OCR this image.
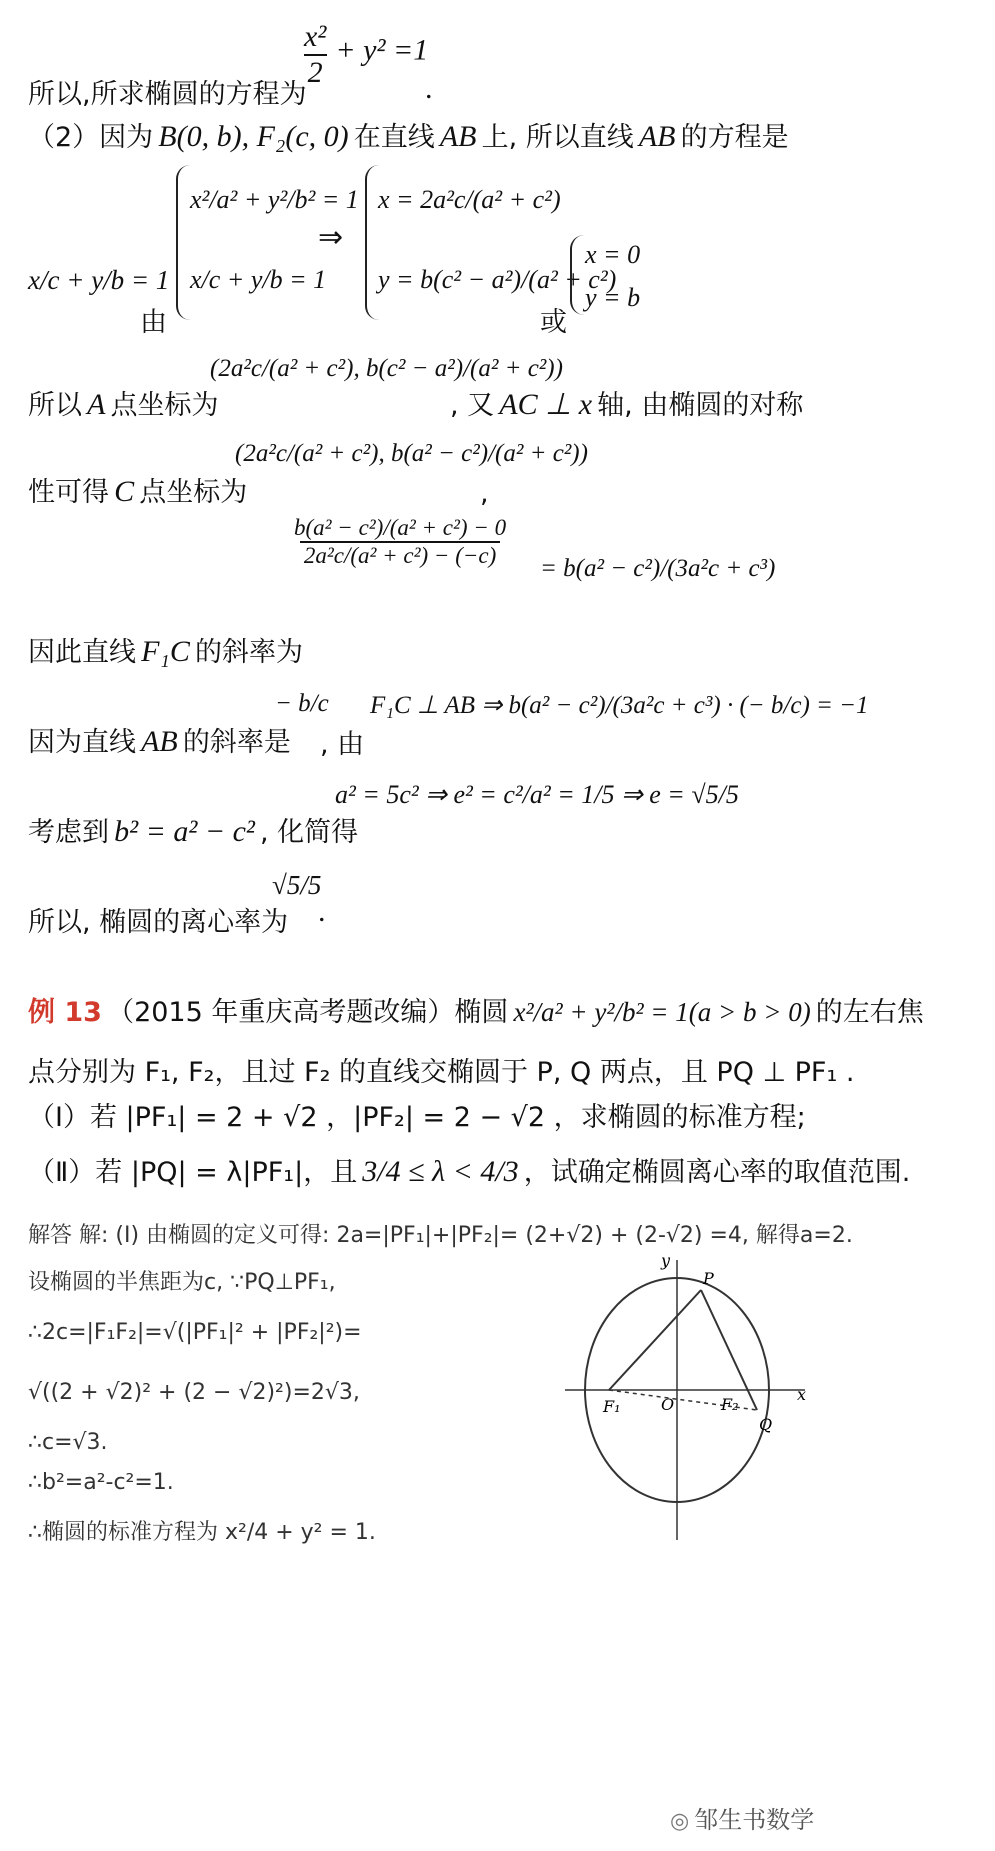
所以,所求椭圆的方程为
$\frac{\text{x²}}{2} + y^2 =1$
.
（2）因为 B(0, b), F₂(c, 0) 在直线 AB 上, 所以直线 AB 的方程是
x/c + y/b = 1
由
x²/a² + y²/b² = 1
x/c + y/b = 1
⇒
x = 2a²c/(a² + c²)
y = b(c² − a²)/(a² + c²)
或
x = 0
y = b
所以 A 点坐标为
(2a²c/(a² + c²), b(c² − a²)/(a² + c²))
, 又 AC ⊥ x 轴, 由椭圆的对称
性可得 C 点坐标为
(2a²c/(a² + c²), b(a² − c²)/(a² + c²))
,
因此直线 F₁C 的斜率为
$\frac{\text{b(a² − c²)/(a² + c²) − 0}}{\text{2a²c/(a² + c²) − (−c)}} = b(a^2 - c^2)/(3a^2c + c^3)$
因为直线 AB 的斜率是
− b/c
, 由
F₁C ⊥ AB ⇒ b(a² − c²)/(3a²c + c³) · (− b/c) = −1
考虑到 b² = a² − c² , 化简得
a² = 5c² ⇒ e² = c²/a² = 1/5 ⇒ e = √5/5
所以, 椭圆的离心率为
√5/5
.
例 13 （2015 年重庆高考题改编）椭圆 x²/a² + y²/b² = 1(a > b > 0) 的左右焦
点分别为 F₁, F₂，且过 F₂ 的直线交椭圆于 P, Q 两点，且 PQ ⊥ PF₁ .
（Ⅰ）若 |PF₁| = 2 + √2 ，|PF₂| = 2 − √2 ，求椭圆的标准方程;
（Ⅱ）若 |PQ| = λ|PF₁|，且 3/4 ≤ λ < 4/3 ，试确定椭圆离心率的取值范围.
解答 解: (I) 由椭圆的定义可得: 2a=|PF₁|+|PF₂|= (2+√2) + (2-√2) =4, 解得a=2.
设椭圆的半焦距为c, ∵PQ⊥PF₁,
∴2c=|F₁F₂|=√(|PF₁|² + |PF₂|²)=
√((2 + √2)² + (2 − √2)²)=2√3,
∴c=√3.
∴b²=a²-c²=1.
∴椭圆的标准方程为 x²/4 + y² = 1.
y
x
P
F₁	O	F₂
Q
◎ 邹生书数学
